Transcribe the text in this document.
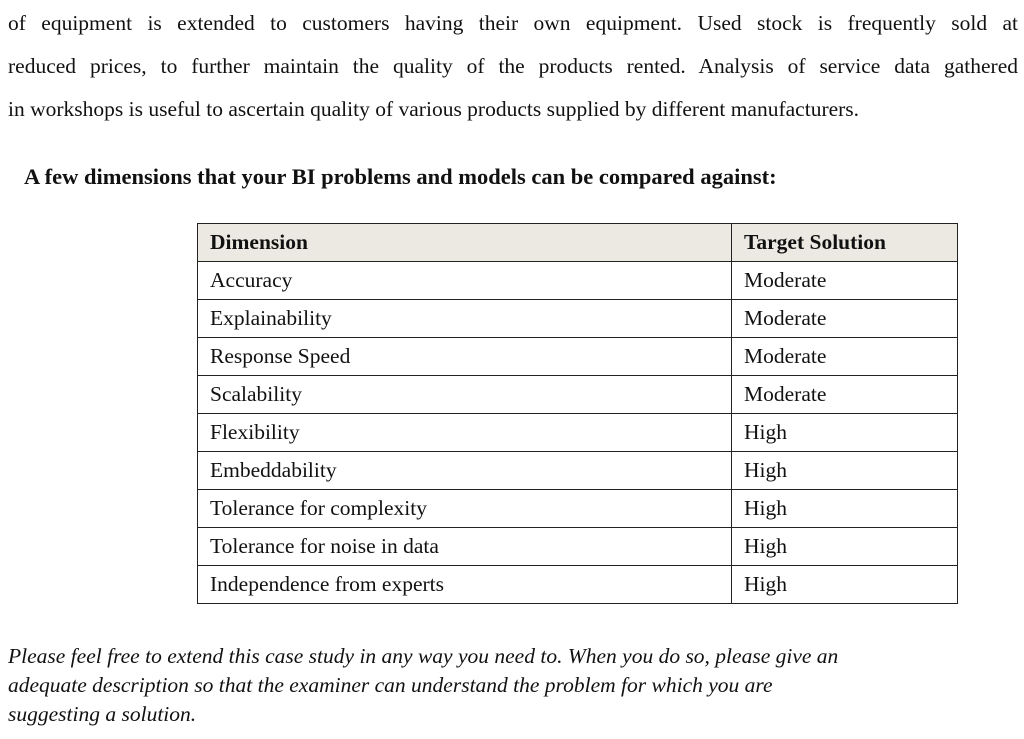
of equipment is extended to customers having their own equipment. Used stock is frequently sold at
reduced prices, to further maintain the quality of the products rented. Analysis of service data gathered
in workshops is useful to ascertain quality of various products supplied by different manufacturers.

A few dimensions that your BI problems and models can be compared against:

Dimension	Target Solution
Accuracy	Moderate
Explainability	Moderate
Response Speed	Moderate
Scalability	Moderate
Flexibility	High
Embeddability	High
Tolerance for complexity	High
Tolerance for noise in data	High
Independence from experts	High
Please feel free to extend this case study in any way you need to. When you do so, please give an
adequate description so that the examiner can understand the problem for which you are
suggesting a solution.
